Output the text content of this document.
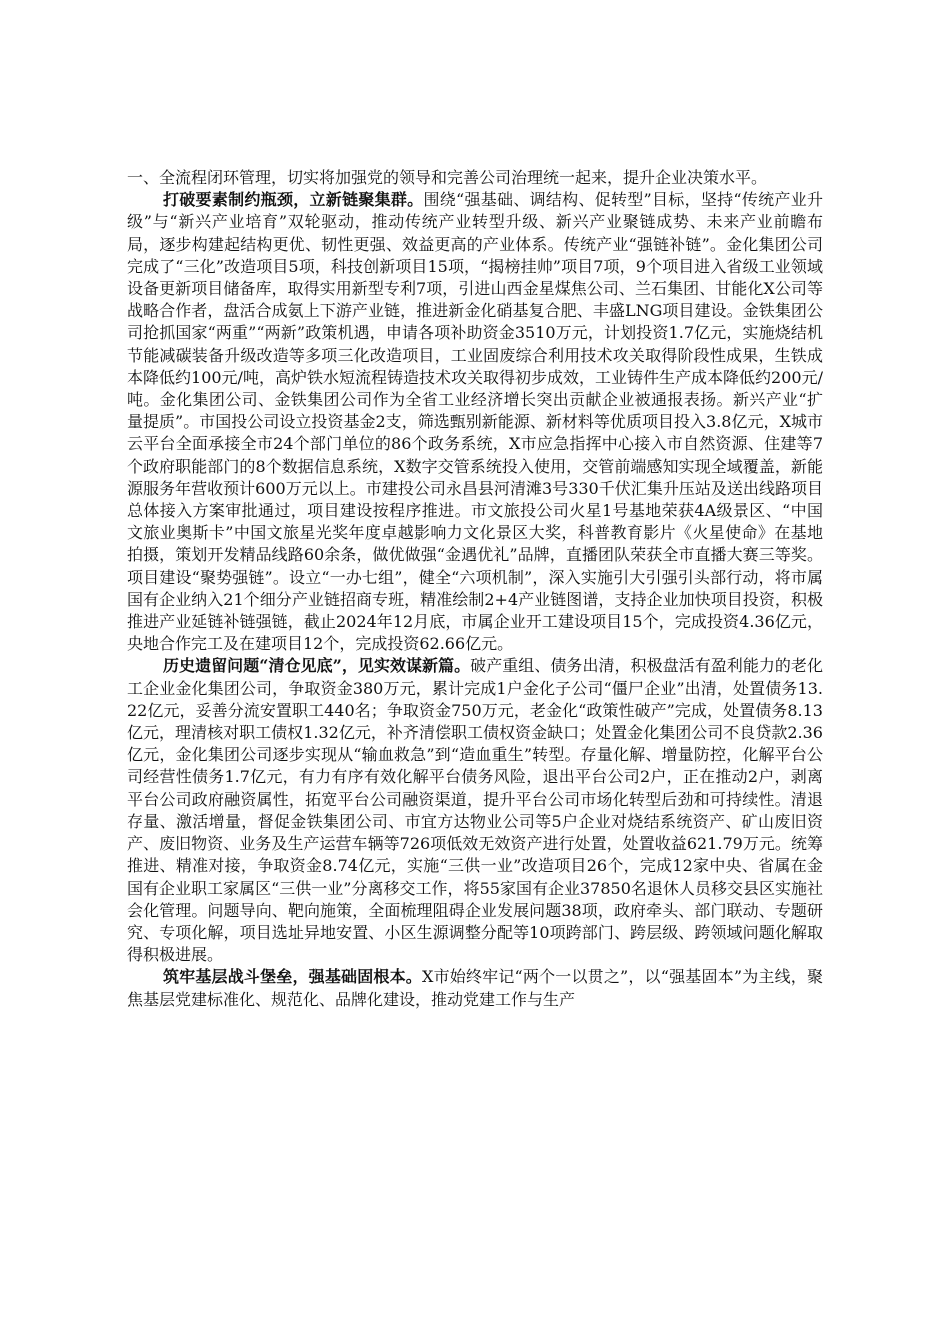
一、全流程闭环管理，切实将加强党的领导和完善公司治理统一起来，提升企业决策水平。

打破要素制约瓶颈，立新链聚集群。围绕“强基础、调结构、促转型”目标，坚持“传统产业升级”与“新兴产业培育”双轮驱动，推动传统产业转型升级、新兴产业聚链成势、未来产业前瞻布局，逐步构建起结构更优、韧性更强、效益更高的产业体系。传统产业“强链补链”。金化集团公司完成了“三化”改造项目5项，科技创新项目15项，“揭榜挂帅”项目7项，9个项目进入省级工业领域设备更新项目储备库，取得实用新型专利7项，引进山西金星煤焦公司、兰石集团、甘能化X公司等战略合作者，盘活合成氨上下游产业链，推进新金化硝基复合肥、丰盛LNG项目建设。金铁集团公司抢抓国家“两重”“两新”政策机遇，申请各项补助资金3510万元，计划投资1.7亿元，实施烧结机节能减碳装备升级改造等多项三化改造项目，工业固废综合利用技术攻关取得阶段性成果，生铁成本降低约100元/吨，高炉铁水短流程铸造技术攻关取得初步成效，工业铸件生产成本降低约200元/吨。金化集团公司、金铁集团公司作为全省工业经济增长突出贡献企业被通报表扬。新兴产业“扩量提质”。市国投公司设立投资基金2支，筛选甄别新能源、新材料等优质项目投入3.8亿元，X城市云平台全面承接全市24个部门单位的86个政务系统，X市应急指挥中心接入市自然资源、住建等7个政府职能部门的8个数据信息系统，X数字交管系统投入使用，交管前端感知实现全域覆盖，新能源服务年营收预计600万元以上。市建投公司永昌县河清滩3号330千伏汇集升压站及送出线路项目总体接入方案审批通过，项目建设按程序推进。市文旅投公司火星1号基地荣获4A级景区、“中国文旅业奥斯卡”中国文旅星光奖年度卓越影响力文化景区大奖，科普教育影片《火星使命》在基地拍摄，策划开发精品线路60余条，做优做强“金遇优礼”品牌，直播团队荣获全市直播大赛三等奖。项目建设“聚势强链”。设立“一办七组”，健全“六项机制”，深入实施引大引强引头部行动，将市属国有企业纳入21个细分产业链招商专班，精准绘制2+4产业链图谱，支持企业加快项目投资，积极推进产业延链补链强链，截止2024年12月底，市属企业开工建设项目15个，完成投资4.36亿元，央地合作完工及在建项目12个，完成投资62.66亿元。

历史遗留问题“清仓见底”，见实效谋新篇。破产重组、债务出清，积极盘活有盈利能力的老化工企业金化集团公司，争取资金380万元，累计完成1户金化子公司“僵尸企业”出清，处置债务13.22亿元，妥善分流安置职工440名；争取资金750万元，老金化“政策性破产”完成，处置债务8.13亿元，理清核对职工债权1.32亿元，补齐清偿职工债权资金缺口；处置金化集团公司不良贷款2.36亿元，金化集团公司逐步实现从“输血救急”到“造血重生”转型。存量化解、增量防控，化解平台公司经营性债务1.7亿元，有力有序有效化解平台债务风险，退出平台公司2户，正在推动2户，剥离平台公司政府融资属性，拓宽平台公司融资渠道，提升平台公司市场化转型后劲和可持续性。清退存量、激活增量，督促金铁集团公司、市宜方达物业公司等5户企业对烧结系统资产、矿山废旧资产、废旧物资、业务及生产运营车辆等726项低效无效资产进行处置，处置收益621.79万元。统筹推进、精准对接，争取资金8.74亿元，实施“三供一业”改造项目26个，完成12家中央、省属在金国有企业职工家属区“三供一业”分离移交工作，将55家国有企业37850名退休人员移交县区实施社会化管理。问题导向、靶向施策，全面梳理阻碍企业发展问题38项，政府牵头、部门联动、专题研究、专项化解，项目选址异地安置、小区生源调整分配等10项跨部门、跨层级、跨领域问题化解取得积极进展。

筑牢基层战斗堡垒，强基础固根本。X市始终牢记“两个一以贯之”，以“强基固本”为主线，聚焦基层党建标准化、规范化、品牌化建设，推动党建工作与生产
